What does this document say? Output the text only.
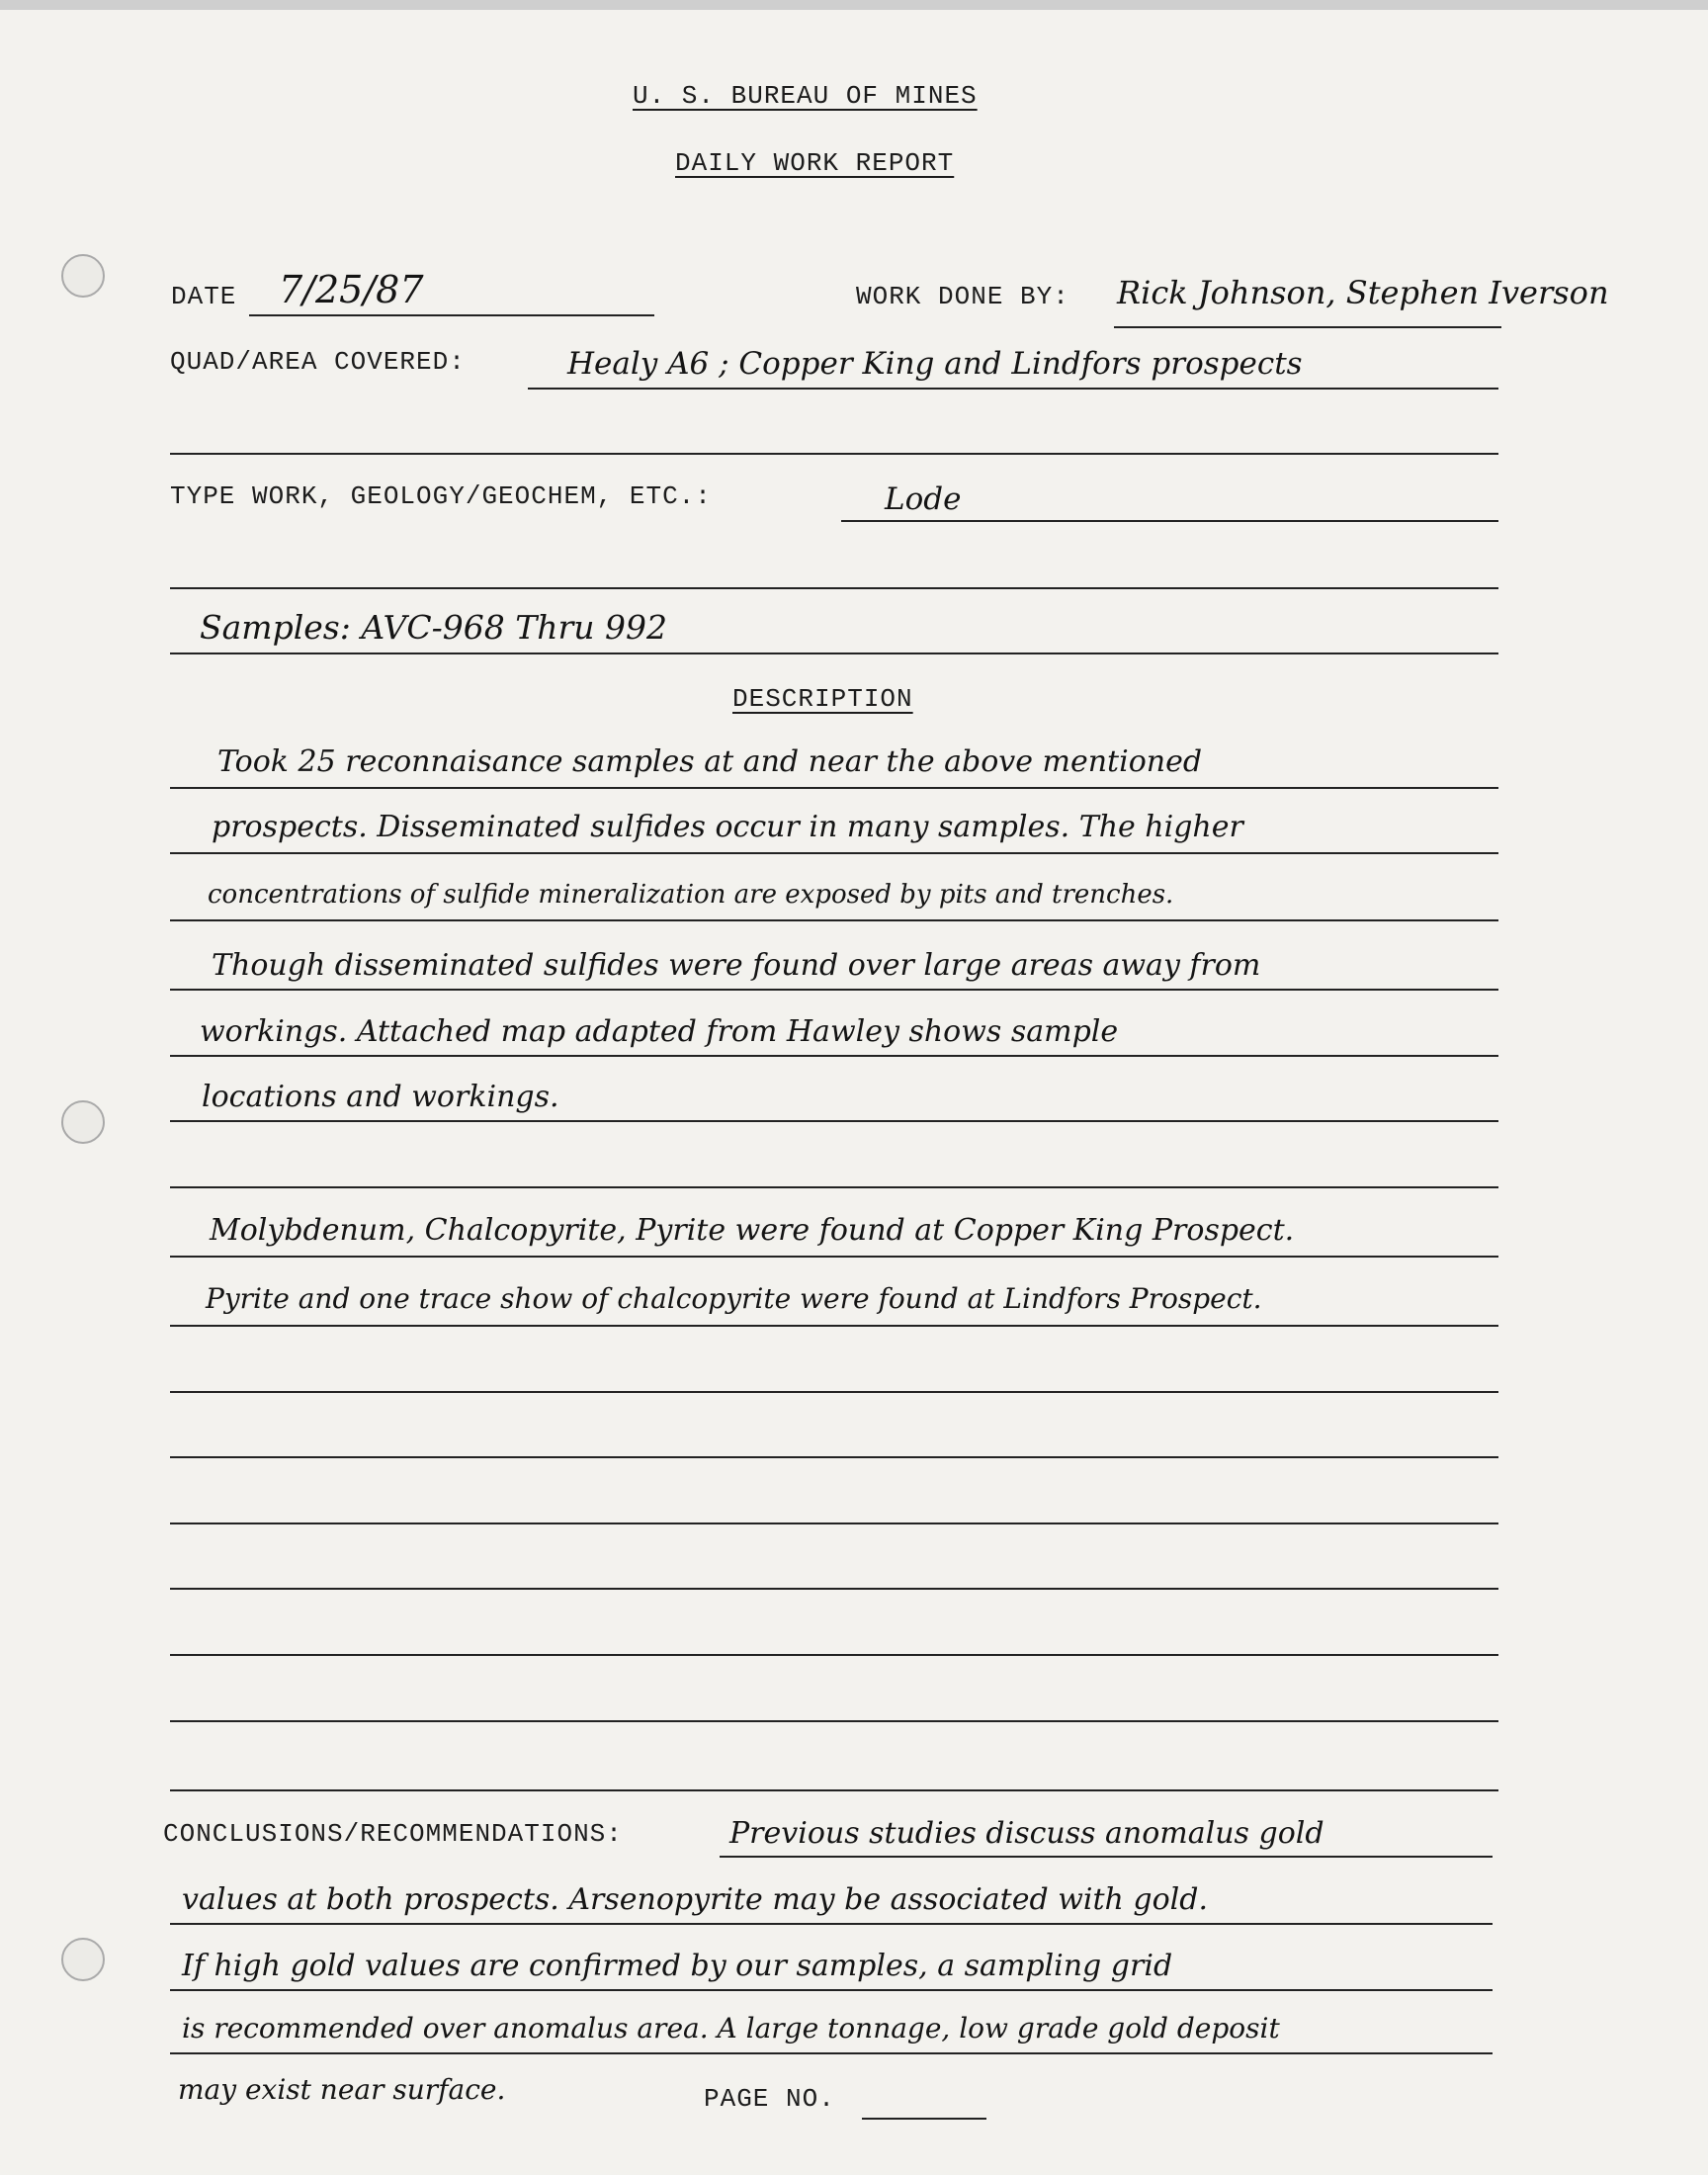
U. S. BUREAU OF MINES
DAILY WORK REPORT
DATE 7/25/87	WORK DONE BY: Rick Johnson, Stephen Iverson
QUAD/AREA COVERED:	Healy A6 ; Copper King and Lindfors prospects
TYPE WORK, GEOLOGY/GEOCHEM, ETC.:	Lode
Samples: AVC-968 Thru 992
DESCRIPTION
Took 25 reconnaisance samples at and near the above mentioned
prospects. Disseminated sulfides occur in many samples. The higher
concentrations of sulfide mineralization are exposed by pits and trenches.
Though disseminated sulfides were found over large areas away from
workings. Attached map adapted from Hawley shows sample
locations and workings.
Molybdenum, Chalcopyrite, Pyrite were found at Copper King Prospect.
Pyrite and one trace show of chalcopyrite were found at Lindfors Prospect.
CONCLUSIONS/RECOMMENDATIONS:	Previous studies discuss anomalus gold
values at both prospects. Arsenopyrite may be associated with gold.
If high gold values are confirmed by our samples, a sampling grid
is recommended over anomalus area. A large tonnage, low grade gold deposit
may exist near surface.	PAGE NO.
